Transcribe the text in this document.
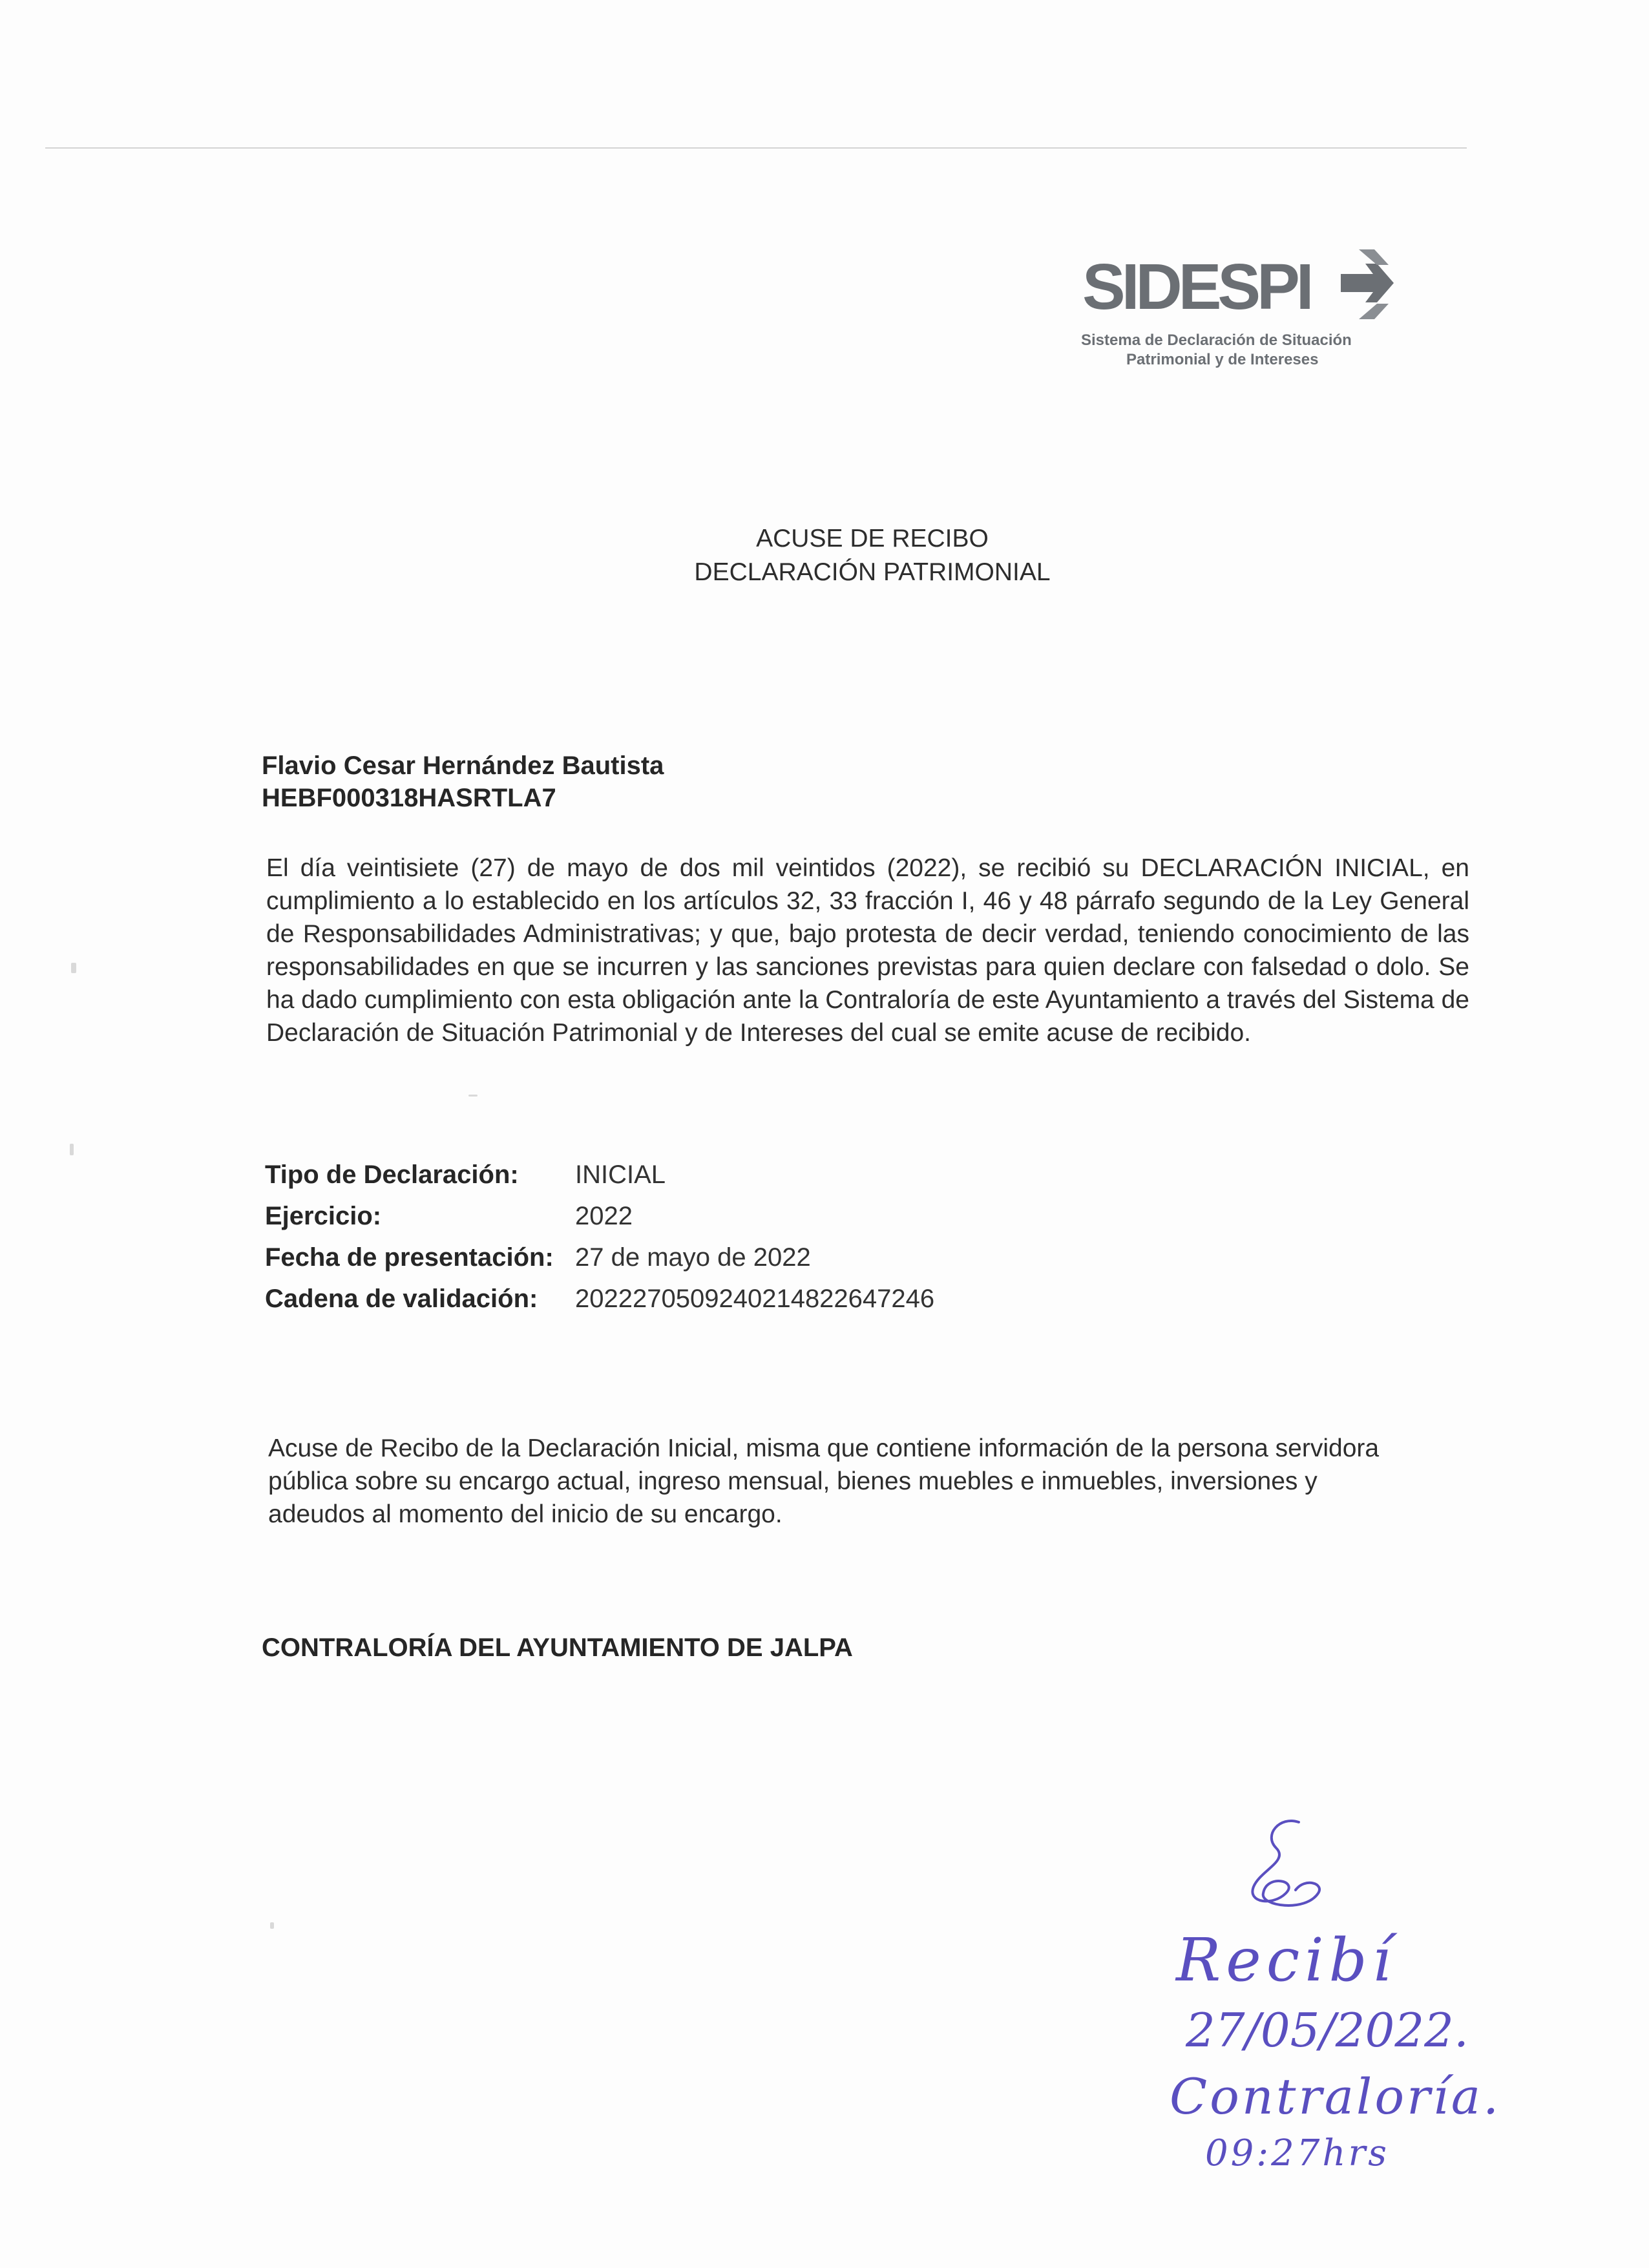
SIDESPI
Sistema de Declaración de Situación
Patrimonial y de Intereses
ACUSE DE RECIBO
DECLARACIÓN PATRIMONIAL
Flavio Cesar Hernández Bautista
HEBF000318HASRTLA7
El día veintisiete (27) de mayo de dos mil veintidos (2022), se recibió su DECLARACIÓN INICIAL, en cumplimiento a lo establecido en los artículos 32, 33 fracción I, 46 y 48 párrafo segundo de la Ley General de Responsabilidades Administrativas; y que, bajo protesta de decir verdad, teniendo conocimiento de las responsabilidades en que se incurren y las sanciones previstas para quien declare con falsedad o dolo. Se ha dado cumplimiento con esta obligación ante la Contraloría de este Ayuntamiento a través del Sistema de Declaración de Situación Patrimonial y de Intereses del cual se emite acuse de recibido.
Tipo de Declaración: INICIAL
Ejercicio:	2022
Fecha de presentación: 27 de mayo de 2022
Cadena de validación: 20222705092402148226472​46
Acuse de Recibo de la Declaración Inicial, misma que contiene información de la persona servidora pública sobre su encargo actual, ingreso mensual, bienes muebles e inmuebles, inversiones y adeudos al momento del inicio de su encargo.
CONTRALORÍA DEL AYUNTAMIENTO DE JALPA
Recibí
27/05/2022.
Contraloría.
09:27hrs
